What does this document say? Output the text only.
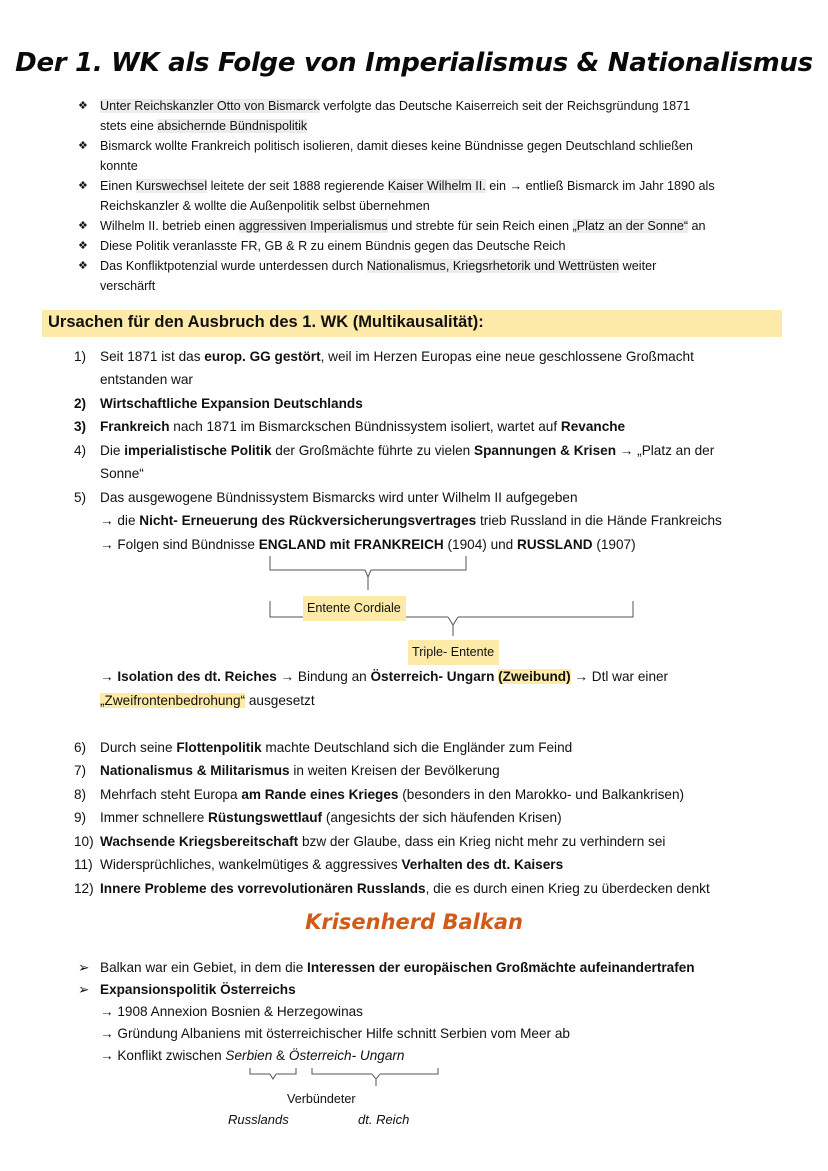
Der 1. WK als Folge von Imperialismus & Nationalismus
❖ Unter Reichskanzler Otto von Bismarck verfolgte das Deutsche Kaiserreich seit der Reichsgründung 1871
stets eine absichernde Bündnispolitik
❖ Bismarck wollte Frankreich politisch isolieren, damit dieses keine Bündnisse gegen Deutschland schließen
konnte
❖ Einen Kurswechsel leitete der seit 1888 regierende Kaiser Wilhelm II. ein → entließ Bismarck im Jahr 1890 als
Reichskanzler & wollte die Außenpolitik selbst übernehmen
❖ Wilhelm II. betrieb einen aggressiven Imperialismus und strebte für sein Reich einen „Platz an der Sonne“ an
❖ Diese Politik veranlasste FR, GB & R zu einem Bündnis gegen das Deutsche Reich
❖ Das Konfliktpotenzial wurde unterdessen durch Nationalismus, Kriegsrhetorik und Wettrüsten weiter
verschärft
Ursachen für den Ausbruch des 1. WK (Multikausalität):
1) Seit 1871 ist das europ. GG gestört, weil im Herzen Europas eine neue geschlossene Großmacht
entstanden war
2) Wirtschaftliche Expansion Deutschlands
3) Frankreich nach 1871 im Bismarckschen Bündnissystem isoliert, wartet auf Revanche
4) Die imperialistische Politik der Großmächte führte zu vielen Spannungen & Krisen → „Platz an der
Sonne“
5) Das ausgewogene Bündnissystem Bismarcks wird unter Wilhelm II aufgegeben
→ die Nicht- Erneuerung des Rückversicherungsvertrages trieb Russland in die Hände Frankreichs
→ Folgen sind Bündnisse ENGLAND mit FRANKREICH (1904) und RUSSLAND (1907)
Entente Cordiale
Triple- Entente
→ Isolation des dt. Reiches → Bindung an Österreich- Ungarn (Zweibund) → Dtl war einer
„Zweifrontenbedrohung“ ausgesetzt
6) Durch seine Flottenpolitik machte Deutschland sich die Engländer zum Feind
7) Nationalismus & Militarismus in weiten Kreisen der Bevölkerung
8) Mehrfach steht Europa am Rande eines Krieges (besonders in den Marokko- und Balkankrisen)
9) Immer schnellere Rüstungswettlauf (angesichts der sich häufenden Krisen)
10) Wachsende Kriegsbereitschaft bzw der Glaube, dass ein Krieg nicht mehr zu verhindern sei
11) Widersprüchliches, wankelmütiges & aggressives Verhalten des dt. Kaisers
12) Innere Probleme des vorrevolutionären Russlands, die es durch einen Krieg zu überdecken denkt
Krisenherd Balkan
➢ Balkan war ein Gebiet, in dem die Interessen der europäischen Großmächte aufeinandertrafen
➢ Expansionspolitik Österreichs
→ 1908 Annexion Bosnien & Herzegowinas
→ Gründung Albaniens mit österreichischer Hilfe schnitt Serbien vom Meer ab
→ Konflikt zwischen Serbien & Österreich- Ungarn
Verbündeter
Russlands	dt. Reich
